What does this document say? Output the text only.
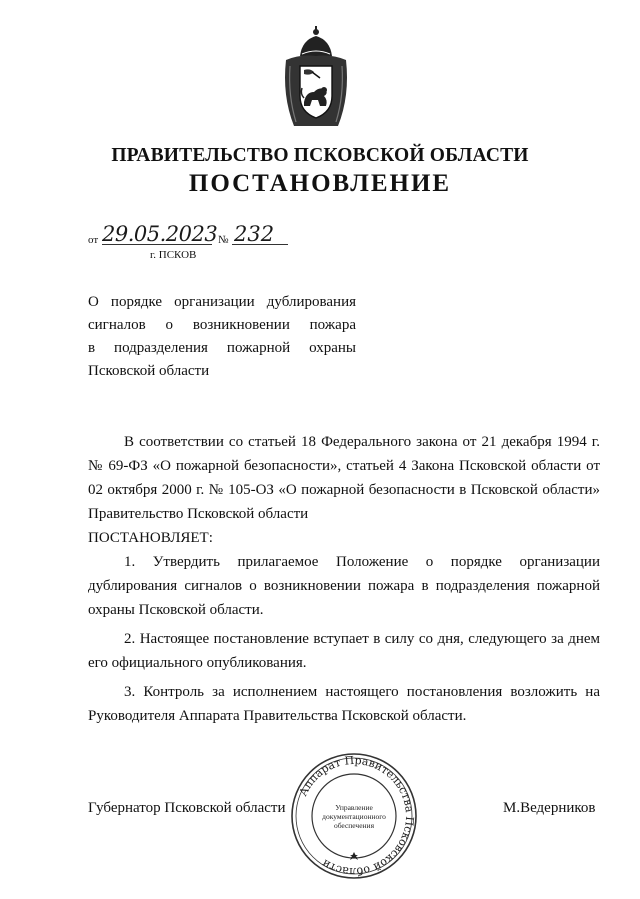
ПРАВИТЕЛЬСТВО ПСКОВСКОЙ ОБЛАСТИ
ПОСТАНОВЛЕНИЕ
от 29.05.2023 № 232
г. ПСКОВ
О порядке организации дублирования
сигналов о возникновении пожара
в подразделения пожарной охраны
Псковской области

В соответствии со статьей 18 Федерального закона от 21 декабря 1994 г. № 69-ФЗ «О пожарной безопасности», статьей 4 Закона Псковской области от 02 октября 2000 г. № 105-ОЗ «О пожарной безопасности в Псковской области» Правительство Псковской области

ПОСТАНОВЛЯЕТ:

1. Утвердить прилагаемое Положение о порядке организации дублирования сигналов о возникновении пожара в подразделения пожарной охраны Псковской области.

2. Настоящее постановление вступает в силу со дня, следующего за днем его официального опубликования.

3. Контроль за исполнением настоящего постановления возложить на Руководителя Аппарата Правительства Псковской области.

Губернатор Псковской области	М.Ведерников
Аппарат Правительства Псковской области
Управление
документационного
обеспечения
